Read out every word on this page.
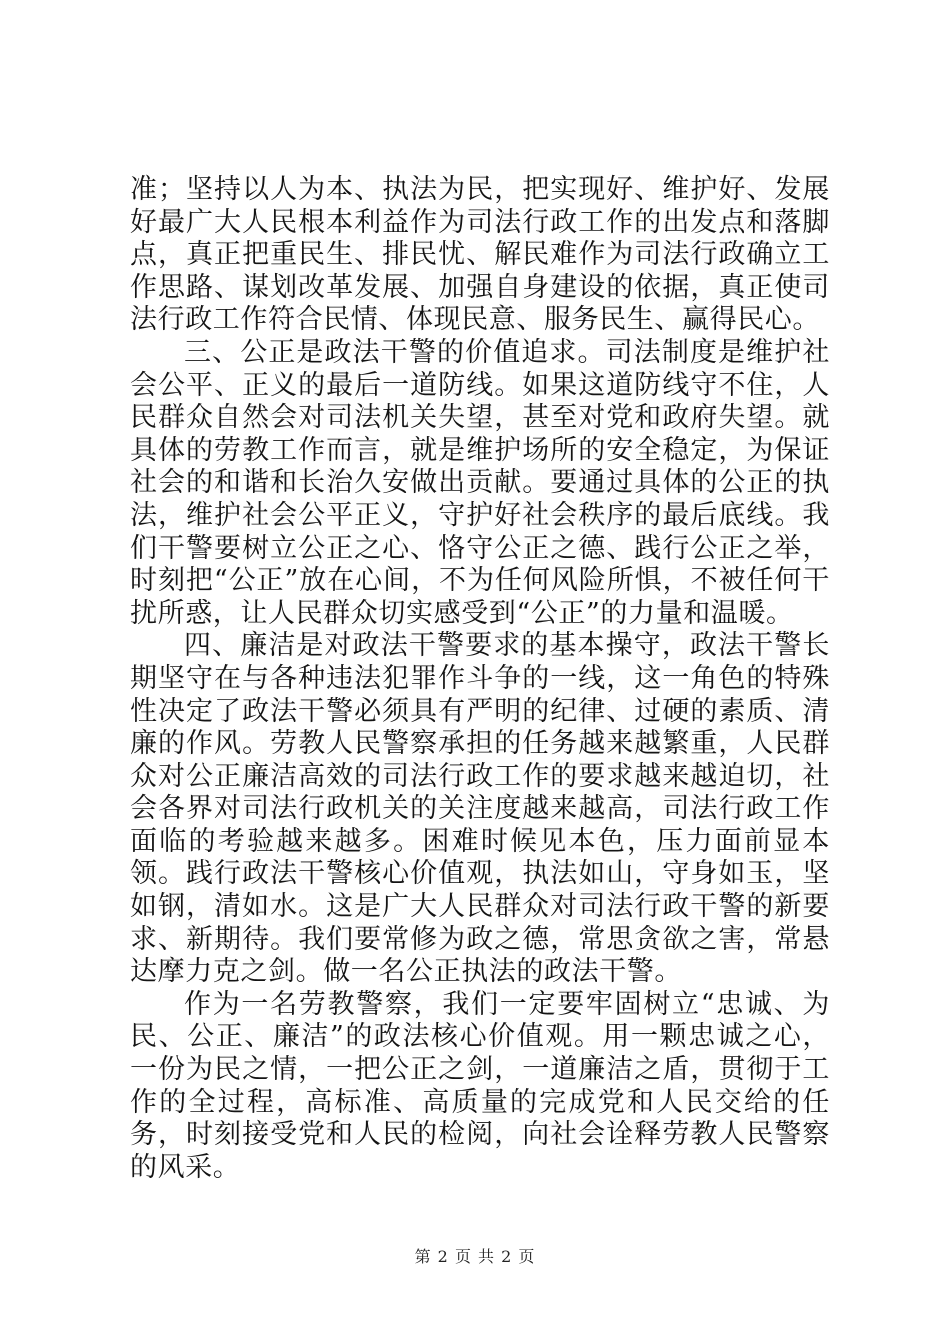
准；坚持以人为本、执法为民，把实现好、维护好、发展好最广大人民根本利益作为司法行政工作的出发点和落脚点，真正把重民生、排民忧、解民难作为司法行政确立工作思路、谋划改革发展、加强自身建设的依据，真正使司法行政工作符合民情、体现民意、服务民生、赢得民心。

三、公正是政法干警的价值追求。司法制度是维护社会公平、正义的最后一道防线。如果这道防线守不住，人民群众自然会对司法机关失望，甚至对党和政府失望。就具体的劳教工作而言，就是维护场所的安全稳定，为保证社会的和谐和长治久安做出贡献。要通过具体的公正的执法，维护社会公平正义，守护好社会秩序的最后底线。我们干警要树立公正之心、恪守公正之德、践行公正之举，时刻把“公正”放在心间，不为任何风险所惧，不被任何干扰所惑，让人民群众切实感受到“公正”的力量和温暖。

四、廉洁是对政法干警要求的基本操守，政法干警长期坚守在与各种违法犯罪作斗争的一线，这一角色的特殊性决定了政法干警必须具有严明的纪律、过硬的素质、清廉的作风。劳教人民警察承担的任务越来越繁重，人民群众对公正廉洁高效的司法行政工作的要求越来越迫切，社会各界对司法行政机关的关注度越来越高，司法行政工作面临的考验越来越多。困难时候见本色，压力面前显本领。践行政法干警核心价值观，执法如山，守身如玉，坚如钢，清如水。这是广大人民群众对司法行政干警的新要求、新期待。我们要常修为政之德，常思贪欲之害，常悬达摩力克之剑。做一名公正执法的政法干警。

作为一名劳教警察，我们一定要牢固树立“忠诚、为民、公正、廉洁”的政法核心价值观。用一颗忠诚之心，一份为民之情，一把公正之剑，一道廉洁之盾，贯彻于工作的全过程，高标准、高质量的完成党和人民交给的任务，时刻接受党和人民的检阅，向社会诠释劳教人民警察的风采。

第 2 页 共 2 页
